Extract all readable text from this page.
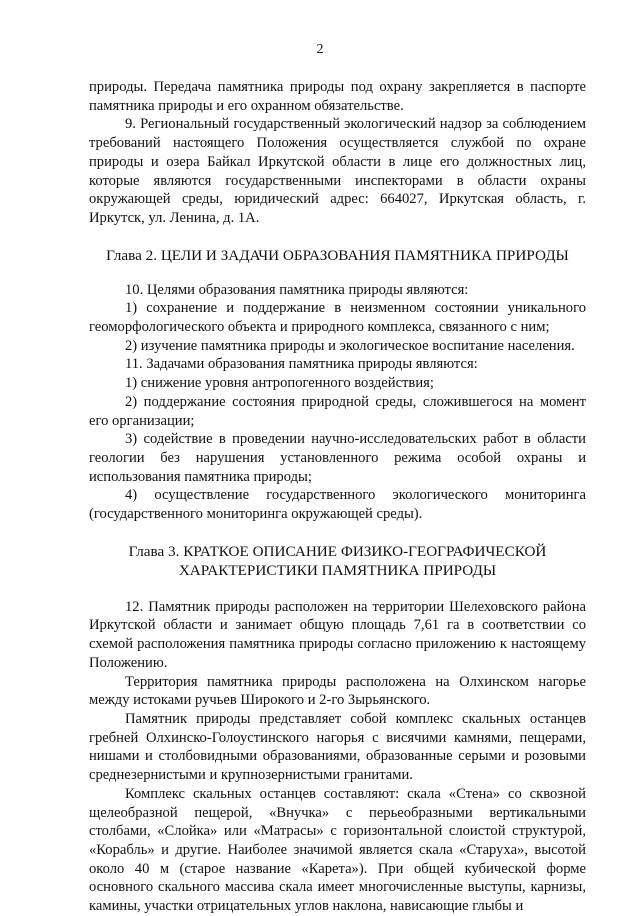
2

природы. Передача памятника природы под охрану закрепляется в паспорте памятника природы и его охранном обязательстве.

9. Региональный государственный экологический надзор за соблюдением требований настоящего Положения осуществляется службой по охране природы и озера Байкал Иркутской области в лице его должностных лиц, которые являются государственными инспекторами в области охраны окружающей среды, юридический адрес: 664027, Иркутская область, г. Иркутск, ул. Ленина, д. 1А.

Глава 2. ЦЕЛИ И ЗАДАЧИ ОБРАЗОВАНИЯ ПАМЯТНИКА ПРИРОДЫ

10. Целями образования памятника природы являются:

1) сохранение и поддержание в неизменном состоянии уникального геоморфологического объекта и природного комплекса, связанного с ним;

2) изучение памятника природы и экологическое воспитание населения.

11. Задачами образования памятника природы являются:

1) снижение уровня антропогенного воздействия;

2) поддержание состояния природной среды, сложившегося на момент его организации;

3) содействие в проведении научно-исследовательских работ в области геологии без нарушения установленного режима особой охраны и использования памятника природы;

4) осуществление государственного экологического мониторинга (государственного мониторинга окружающей среды).

Глава 3. КРАТКОЕ ОПИСАНИЕ ФИЗИКО-ГЕОГРАФИЧЕСКОЙ
ХАРАКТЕРИСТИКИ ПАМЯТНИКА ПРИРОДЫ

12. Памятник природы расположен на территории Шелеховского района Иркутской области и занимает общую площадь 7,61 га в соответствии со схемой расположения памятника природы согласно приложению к настоящему Положению.

Территория памятника природы расположена на Олхинском нагорье между истоками ручьев Широкого и 2-го Зырьянского.

Памятник природы представляет собой комплекс скальных останцев гребней Олхинско-Голоустинского нагорья с висячими камнями, пещерами, нишами и столбовидными образованиями, образованные серыми и розовыми среднезернистыми и крупнозернистыми гранитами.

Комплекс скальных останцев составляют: скала «Стена» со сквозной щелеобразной пещерой, «Внучка» с перьеобразными вертикальными столбами, «Слойка» или «Матрасы» с горизонтальной слоистой структурой, «Корабль» и другие. Наиболее значимой является скала «Старуха», высотой около 40 м (старое название «Карета»). При общей кубической форме основного скального массива скала имеет многочисленные выступы, карнизы, камины, участки отрицательных углов наклона, нависающие глыбы и
